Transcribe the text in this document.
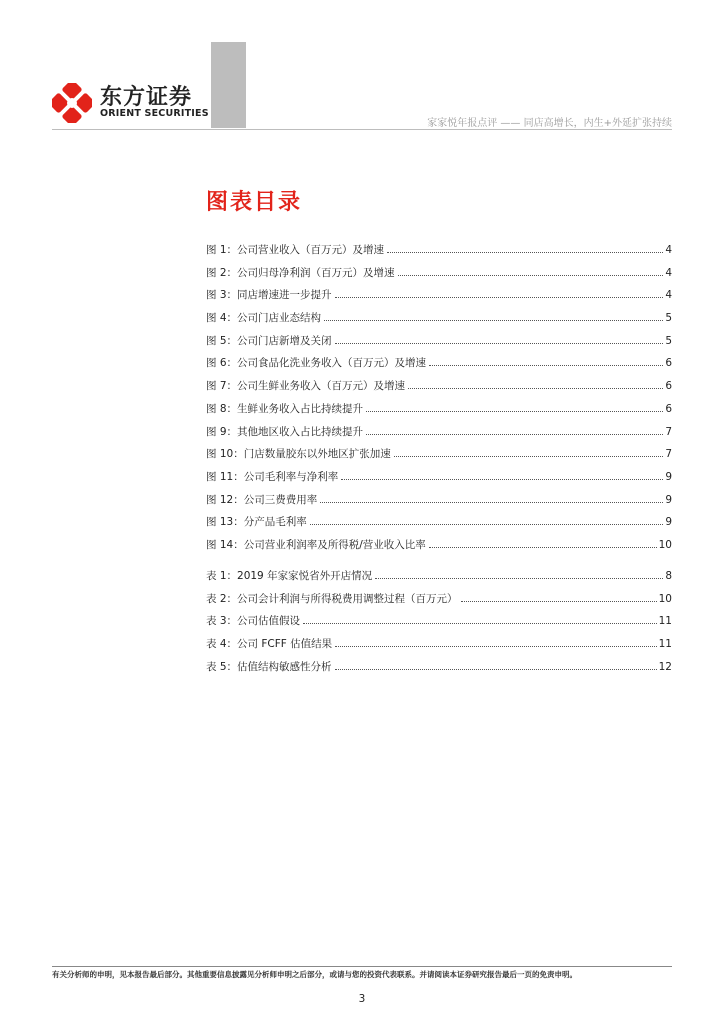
东方证券
ORIENT SECURITIES
家家悦年报点评 —— 同店高增长，内生+外延扩张持续
图表目录
图 1：公司营业收入（百万元）及增速	4
图 2：公司归母净利润（百万元）及增速	4
图 3：同店增速进一步提升	4
图 4：公司门店业态结构	5
图 5：公司门店新增及关闭	5
图 6：公司食品化洗业务收入（百万元）及增速	6
图 7：公司生鲜业务收入（百万元）及增速	6
图 8：生鲜业务收入占比持续提升	6
图 9：其他地区收入占比持续提升	7
图 10：门店数量胶东以外地区扩张加速	7
图 11：公司毛利率与净利率	9
图 12：公司三费费用率	9
图 13：分产品毛利率	9
图 14：公司营业利润率及所得税/营业收入比率	10
表 1：2019 年家家悦省外开店情况	8
表 2：公司会计利润与所得税费用调整过程（百万元）	10
表 3：公司估值假设	11
表 4：公司 FCFF 估值结果	11
表 5：估值结构敏感性分析	12
有关分析师的申明，见本报告最后部分。其他重要信息披露见分析师申明之后部分，或请与您的投资代表联系。并请阅读本证券研究报告最后一页的免责申明。
3
